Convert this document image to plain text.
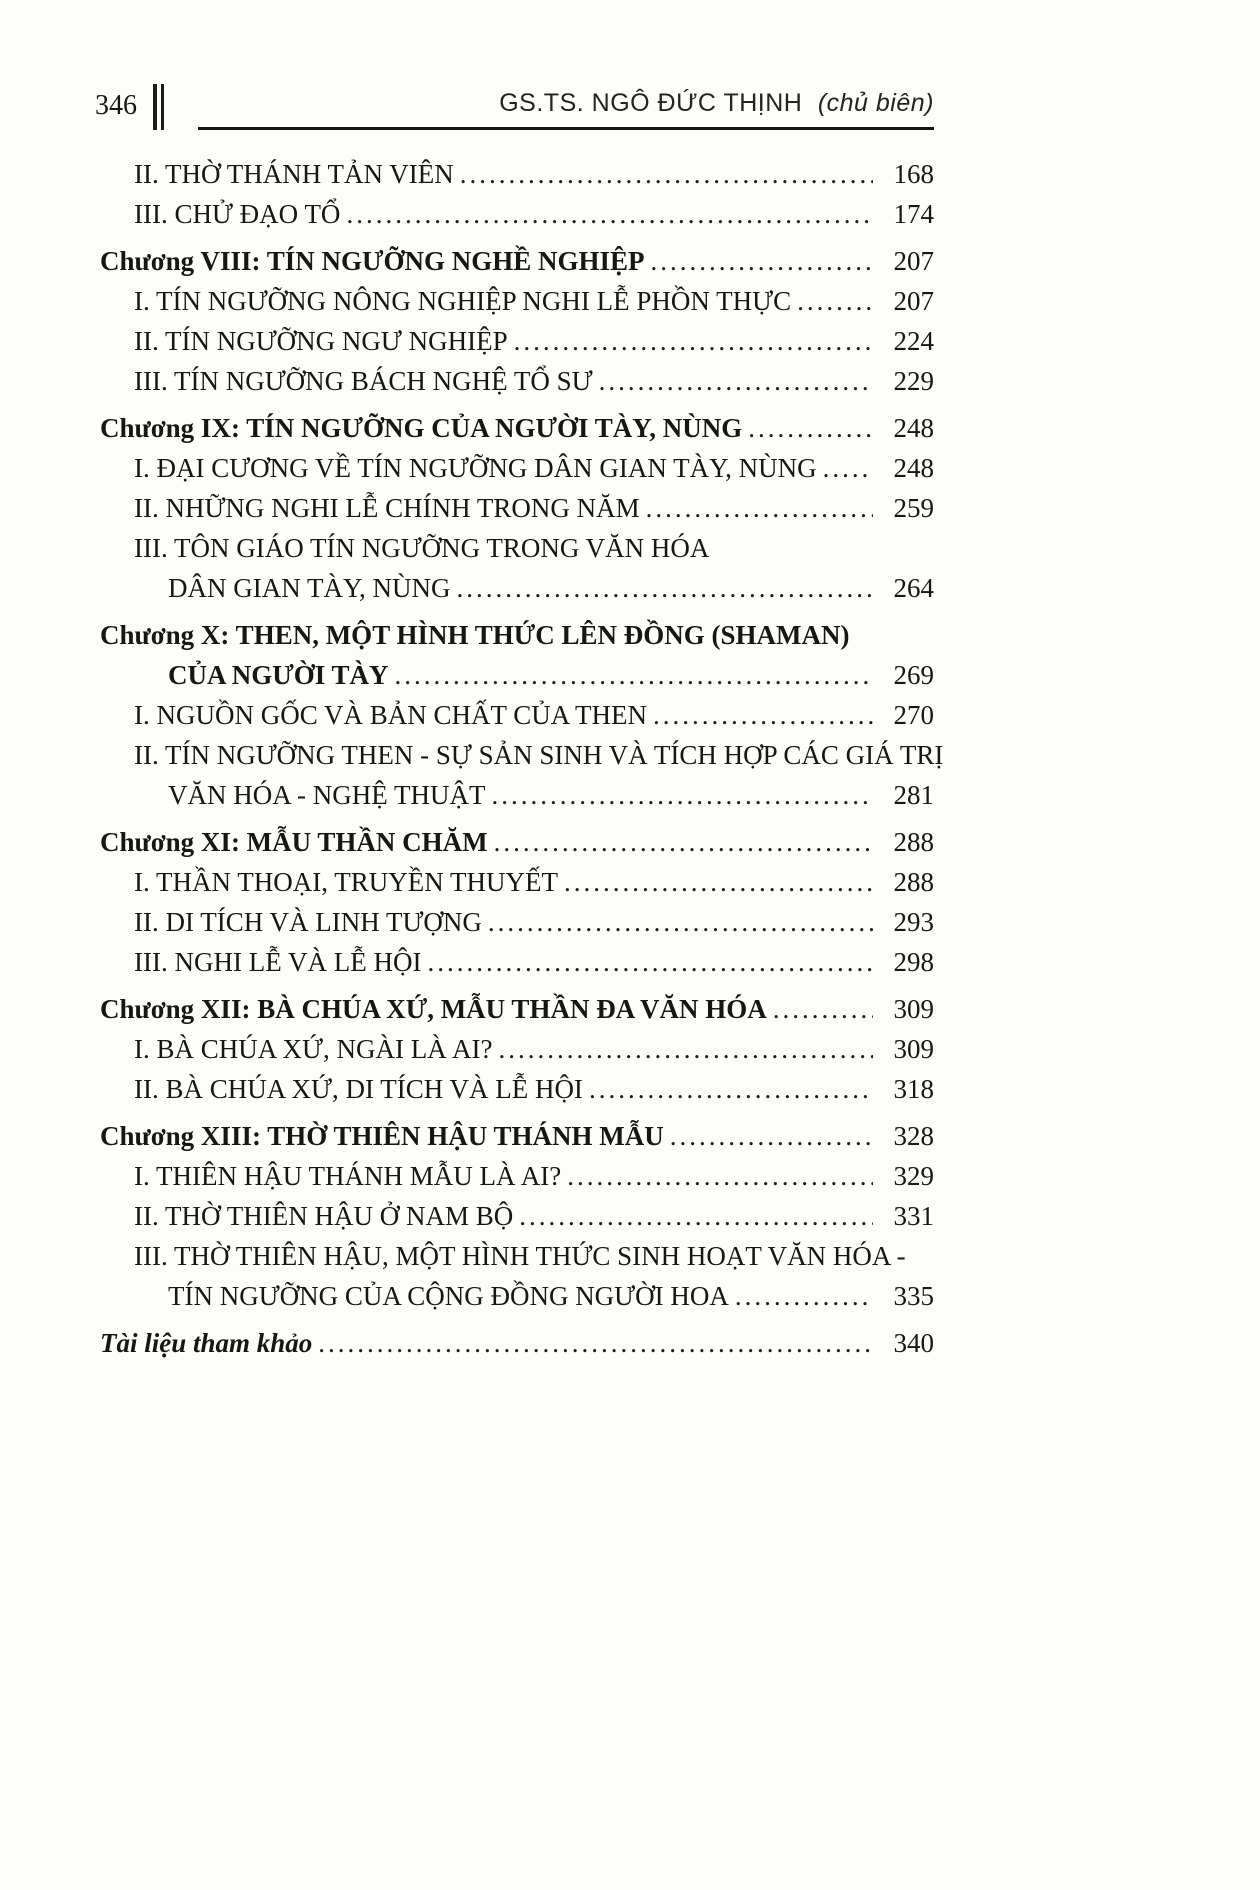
346	GS.TS. NGÔ ĐỨC THỊNH (chủ biên)
II. THỜ THÁNH TẢN VIÊN .....	168
III. CHỬ ĐẠO TỔ .....	174
Chương VIII: TÍN NGƯỠNG NGHỀ NGHIỆP .....	207
I. TÍN NGƯỠNG NÔNG NGHIỆP NGHI LỄ PHỒN THỰC .....	207
II. TÍN NGƯỠNG NGƯ NGHIỆP .....	224
III. TÍN NGƯỠNG BÁCH NGHỆ TỔ SƯ .....	229
Chương IX: TÍN NGƯỠNG CỦA NGƯỜI TÀY, NÙNG .....	248
I. ĐẠI CƯƠNG VỀ TÍN NGƯỠNG DÂN GIAN TÀY, NÙNG .....	248
II. NHỮNG NGHI LỄ CHÍNH TRONG NĂM .....	259
III. TÔN GIÁO TÍN NGƯỠNG TRONG VĂN HÓA
DÂN GIAN TÀY, NÙNG .....	264
Chương X: THEN, MỘT HÌNH THỨC LÊN ĐỒNG (SHAMAN)
CỦA NGƯỜI TÀY .....	269
I. NGUỒN GỐC VÀ BẢN CHẤT CỦA THEN .....	270
II. TÍN NGƯỠNG THEN - SỰ SẢN SINH VÀ TÍCH HỢP CÁC GIÁ TRỊ
VĂN HÓA - NGHỆ THUẬT .....	281
Chương XI: MẪU THẦN CHĂM .....	288
I. THẦN THOẠI, TRUYỀN THUYẾT .....	288
II. DI TÍCH VÀ LINH TƯỢNG .....	293
III. NGHI LỄ VÀ LỄ HỘI .....	298
Chương XII: BÀ CHÚA XỨ, MẪU THẦN ĐA VĂN HÓA .....	309
I. BÀ CHÚA XỨ, NGÀI LÀ AI? .....	309
II. BÀ CHÚA XỨ, DI TÍCH VÀ LỄ HỘI .....	318
Chương XIII: THỜ THIÊN HẬU THÁNH MẪU .....	328
I. THIÊN HẬU THÁNH MẪU LÀ AI? .....	329
II. THỜ THIÊN HẬU Ở NAM BỘ .....	331
III. THỜ THIÊN HẬU, MỘT HÌNH THỨC SINH HOẠT VĂN HÓA -
TÍN NGƯỠNG CỦA CỘNG ĐỒNG NGƯỜI HOA .....	335
Tài liệu tham khảo .....	340
